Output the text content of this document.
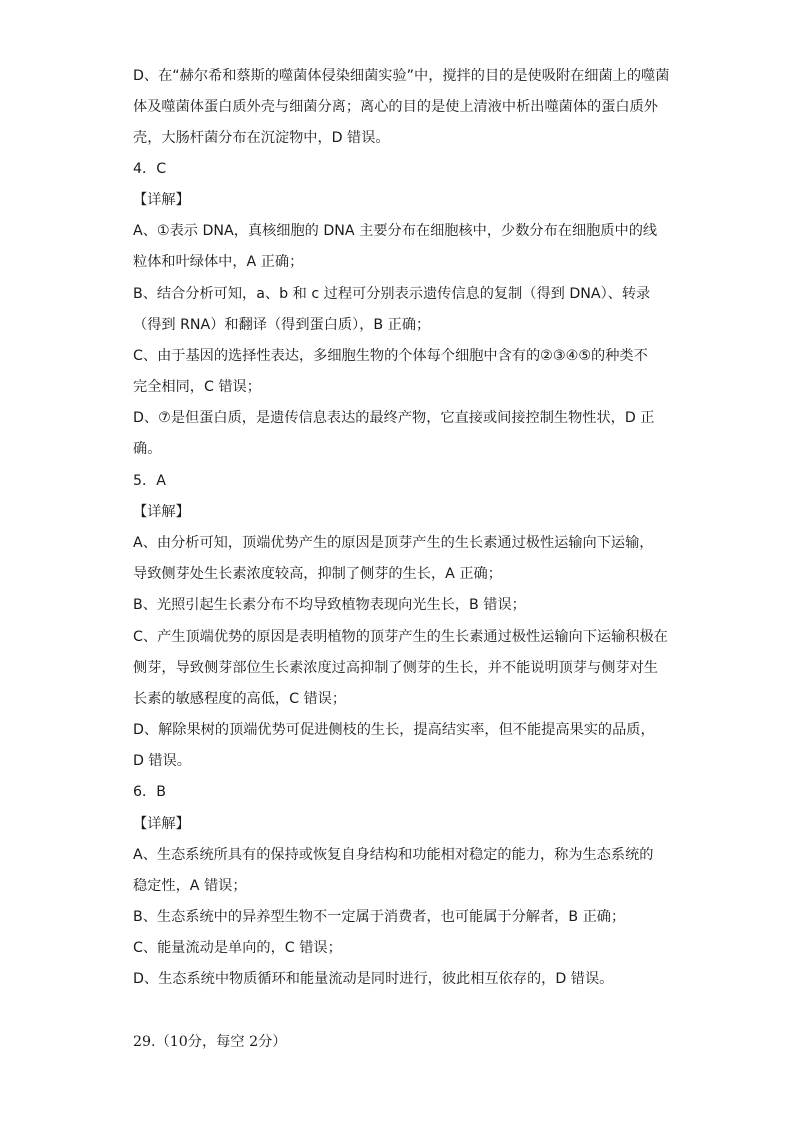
D、在“赫尔希和蔡斯的噬菌体侵染细菌实验”中，搅拌的目的是使吸附在细菌上的噬菌
体及噬菌体蛋白质外壳与细菌分离；离心的目的是使上清液中析出噬菌体的蛋白质外
壳，大肠杆菌分布在沉淀物中，D 错误。
4．C
【详解】
A、①表示 DNA，真核细胞的 DNA 主要分布在细胞核中，少数分布在细胞质中的线
粒体和叶绿体中，A 正确；
B、结合分析可知，a、b 和 c 过程可分别表示遗传信息的复制（得到 DNA）、转录
（得到 RNA）和翻译（得到蛋白质），B 正确；
C、由于基因的选择性表达，多细胞生物的个体每个细胞中含有的②③④⑤的种类不
完全相同，C 错误；
D、⑦是但蛋白质，是遗传信息表达的最终产物，它直接或间接控制生物性状，D 正
确。
5．A
【详解】
A、由分析可知，顶端优势产生的原因是顶芽产生的生长素通过极性运输向下运输，
导致侧芽处生长素浓度较高，抑制了侧芽的生长，A 正确；
B、光照引起生长素分布不均导致植物表现向光生长，B 错误；
C、产生顶端优势的原因是表明植物的顶芽产生的生长素通过极性运输向下运输积极在
侧芽，导致侧芽部位生长素浓度过高抑制了侧芽的生长，并不能说明顶芽与侧芽对生
长素的敏感程度的高低，C 错误；
D、解除果树的顶端优势可促进侧枝的生长，提高结实率，但不能提高果实的品质，
D 错误。
6．B
【详解】
A、生态系统所具有的保持或恢复自身结构和功能相对稳定的能力，称为生态系统的
稳定性，A 错误；
B、生态系统中的异养型生物不一定属于消费者，也可能属于分解者，B 正确；
C、能量流动是单向的，C 错误；
D、生态系统中物质循环和能量流动是同时进行，彼此相互依存的，D 错误。
29.（10分，每空 2分）
